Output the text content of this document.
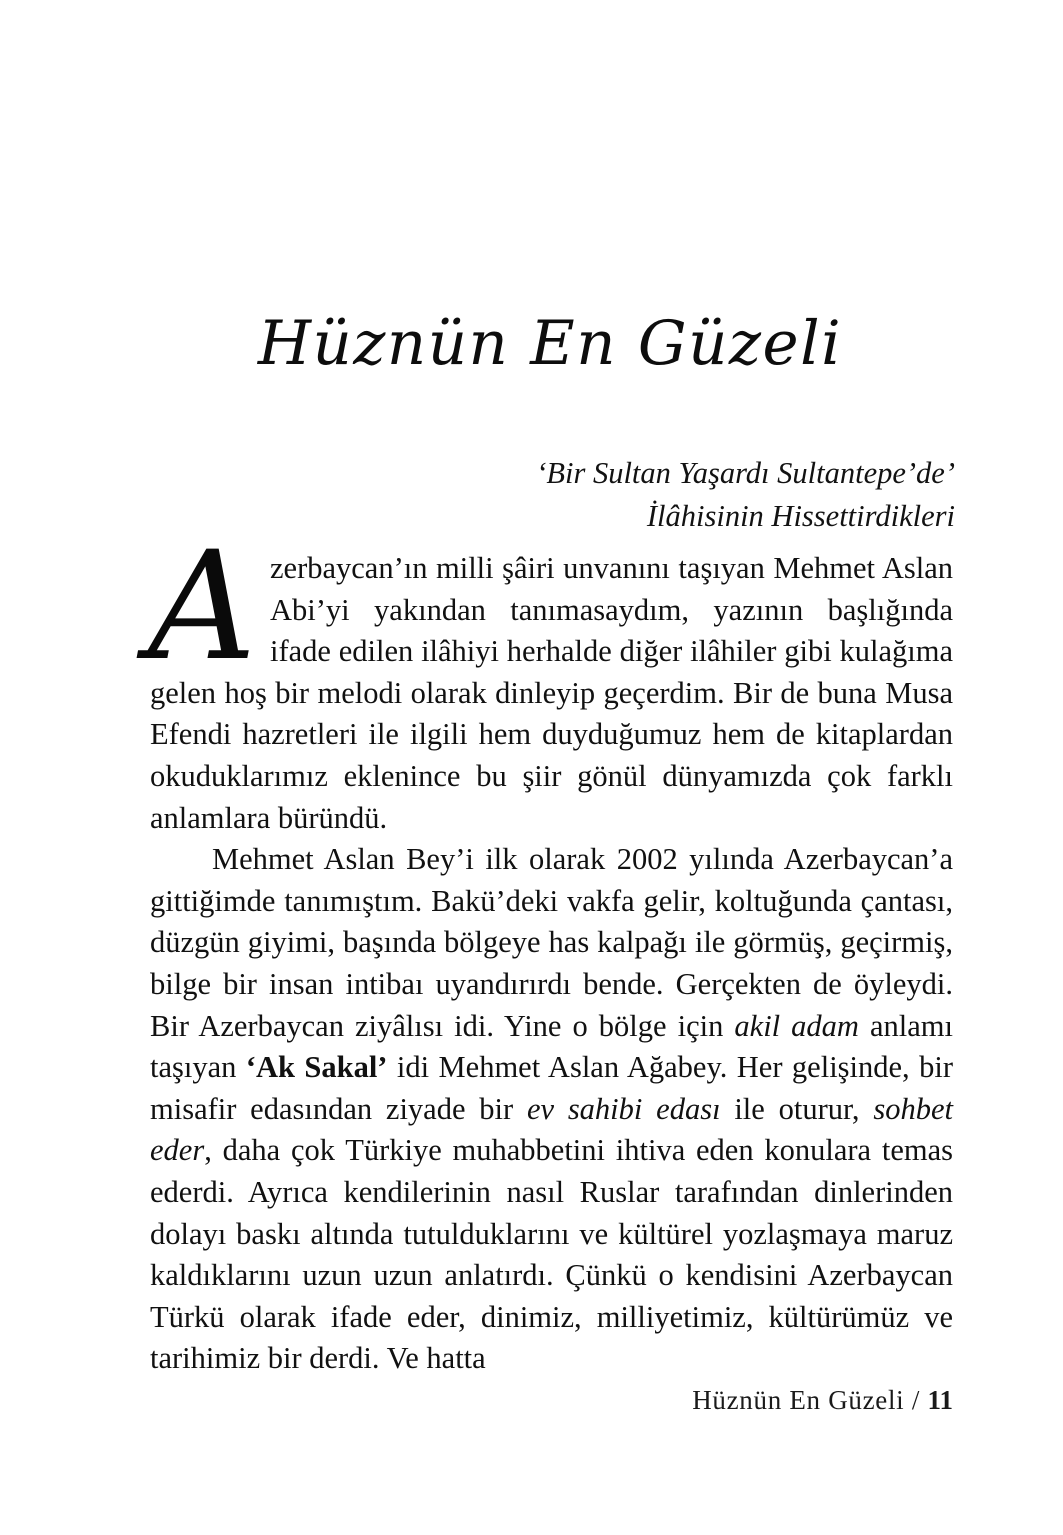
Hüznün En Güzeli
‘Bir Sultan Yaşardı Sultantepe’de’
İlâhisinin Hissettirdikleri

A zerbaycan’ın milli şâiri unvanını taşıyan Mehmet Aslan Abi’yi yakından tanımasaydım, yazının başlığında ifade edilen ilâhiyi herhalde diğer ilâhiler gibi kulağıma gelen hoş bir melodi olarak dinleyip geçerdim. Bir de buna Musa Efendi hazretleri ile ilgili hem duyduğumuz hem de kitaplardan okuduklarımız eklenince bu şiir gönül dünyamızda çok farklı anlamlara büründü.

Mehmet Aslan Bey’i ilk olarak 2002 yılında Azerbaycan’a gittiğimde tanımıştım. Bakü’deki vakfa gelir, koltuğunda çantası, düzgün giyimi, başında bölgeye has kalpağı ile görmüş, geçirmiş, bilge bir insan intibaı uyandırırdı bende. Gerçekten de öyleydi. Bir Azerbaycan ziyâlısı idi. Yine o bölge için akil adam anlamı taşıyan ‘Ak Sakal’ idi Mehmet Aslan Ağabey. Her gelişinde, bir misafir edasından ziyade bir ev sahibi edası ile oturur, sohbet eder, daha çok Türkiye muhabbetini ihtiva eden konulara temas ederdi. Ayrıca kendilerinin nasıl Ruslar tarafından dinlerinden dolayı baskı altında tutulduklarını ve kültürel yozlaşmaya maruz kaldıklarını uzun uzun anlatırdı. Çünkü o kendisini Azerbaycan Türkü olarak ifade eder, dinimiz, milliyetimiz, kültürümüz ve tarihimiz bir derdi. Ve hatta

Hüznün En Güzeli / 11
